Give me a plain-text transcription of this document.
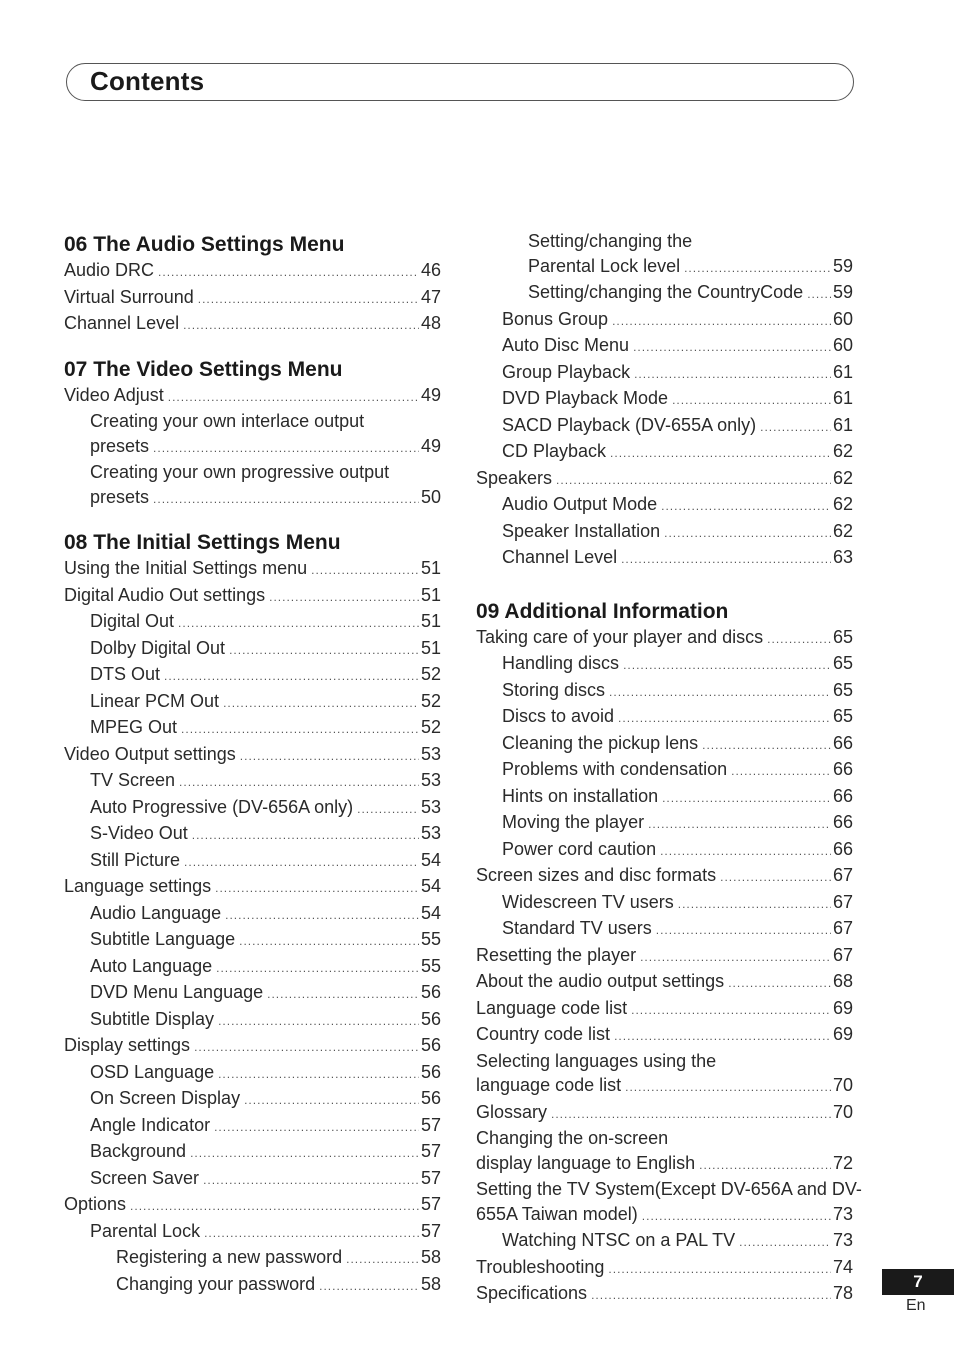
Contents
06 The Audio Settings Menu
Audio DRC .....	46
Virtual Surround .....	47
Channel Level .....	48
07 The Video Settings Menu
Video Adjust .....	49
Creating your own interlace output
presets .....	49
Creating your own progressive output
presets .....	50
08 The Initial Settings Menu
Using the Initial Settings menu .....	51
Digital Audio Out settings .....	51
Digital Out .....	51
Dolby Digital Out .....	51
DTS Out .....	52
Linear PCM Out .....	52
MPEG Out .....	52
Video Output settings .....	53
TV Screen .....	53
Auto Progressive (DV-656A only) .....	53
S-Video Out .....	53
Still Picture .....	54
Language settings .....	54
Audio Language .....	54
Subtitle Language .....	55
Auto Language .....	55
DVD Menu Language .....	56
Subtitle Display .....	56
Display settings .....	56
OSD Language .....	56
On Screen Display .....	56
Angle Indicator .....	57
Background .....	57
Screen Saver .....	57
Options .....	57
Parental Lock .....	57
Registering a new password .....	58
Changing your password .....	58
Setting/changing the
Parental Lock level .....	59
Setting/changing the CountryCode ..... 59
Bonus Group .....	60
Auto Disc Menu .....	60
Group Playback .....	61
DVD Playback Mode .....	61
SACD Playback (DV-655A only) .....	61
CD Playback .....	62
Speakers .....	62
Audio Output Mode .....	62
Speaker Installation .....	62
Channel Level .....	63
09 Additional Information
Taking care of your player and discs .....	65
Handling discs .....	65
Storing discs .....	65
Discs to avoid .....	65
Cleaning the pickup lens .....	66
Problems with condensation .....	66
Hints on installation .....	66
Moving the player .....	66
Power cord caution .....	66
Screen sizes and disc formats .....	67
Widescreen TV users .....	67
Standard TV users .....	67
Resetting the player .....	67
About the audio output settings .....	68
Language code list .....	69
Country code list .....	69
Selecting languages using the
language code list .....	70
Glossary .....	70
Changing the on-screen
display language to English .....	72
Setting the TV System(Except DV-656A and DV-
655A Taiwan model) .....	73
Watching NTSC on a PAL TV .....	73
Troubleshooting .....	74
Specifications .....	78
7
En
